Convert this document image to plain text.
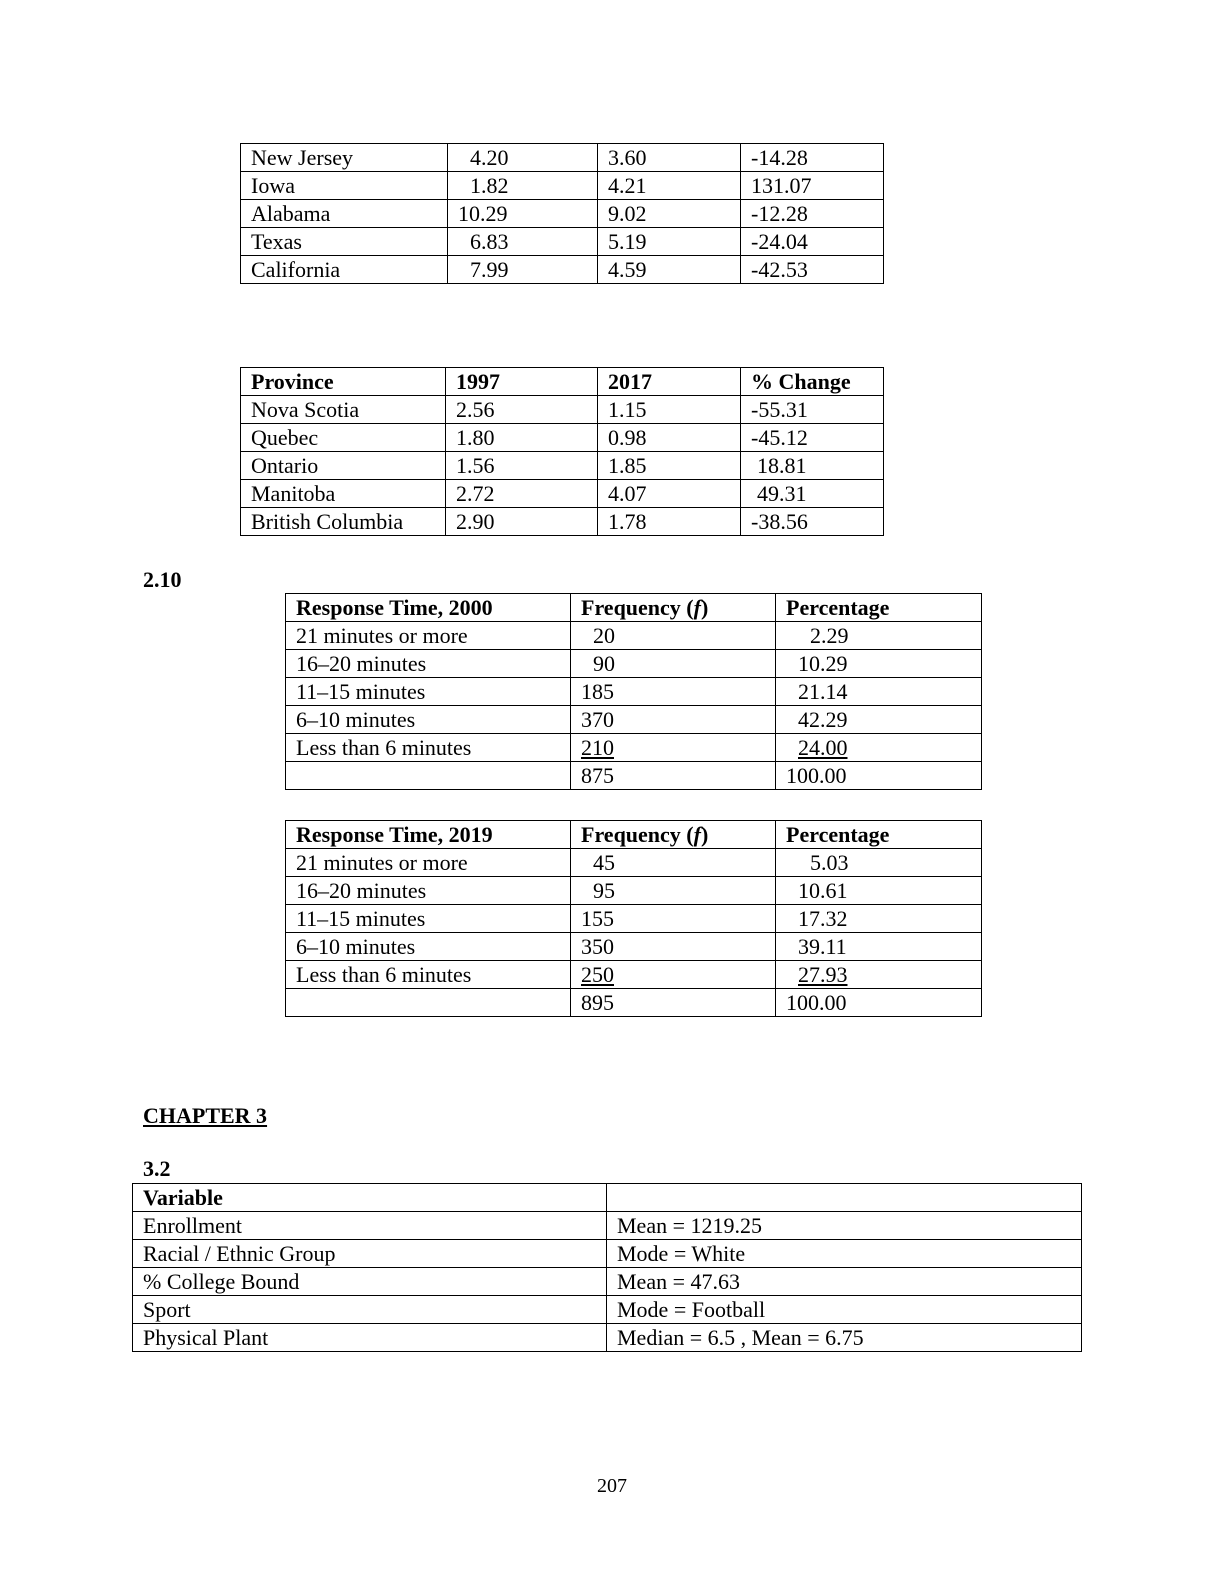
New Jersey	4.20	3.60	-14.28
Iowa	1.82	4.21	131.07
Alabama	10.29	9.02	-12.28
Texas	6.83	5.19	-24.04
California	7.99	4.59	-42.53
Province	1997	2017	% Change
Nova Scotia	2.56	1.15	-55.31
Quebec	1.80	0.98	-45.12
Ontario	1.56	1.85	18.81
Manitoba	2.72	4.07	49.31
British Columbia	2.90	1.78	-38.56
2.10
Response Time, 2000	Frequency (f)	Percentage
21 minutes or more	20	2.29
16–20 minutes	90	10.29
11–15 minutes	185	21.14
6–10 minutes	370	42.29
Less than 6 minutes	210	24.00
	875	100.00
Response Time, 2019	Frequency (f)	Percentage
21 minutes or more	45	5.03
16–20 minutes	95	10.61
11–15 minutes	155	17.32
6–10 minutes	350	39.11
Less than 6 minutes	250	27.93
	895	100.00
CHAPTER 3
3.2
Variable	
Enrollment	Mean = 1219.25
Racial / Ethnic Group	Mode = White
% College Bound	Mean = 47.63
Sport	Mode = Football
Physical Plant	Median = 6.5 , Mean = 6.75
207
